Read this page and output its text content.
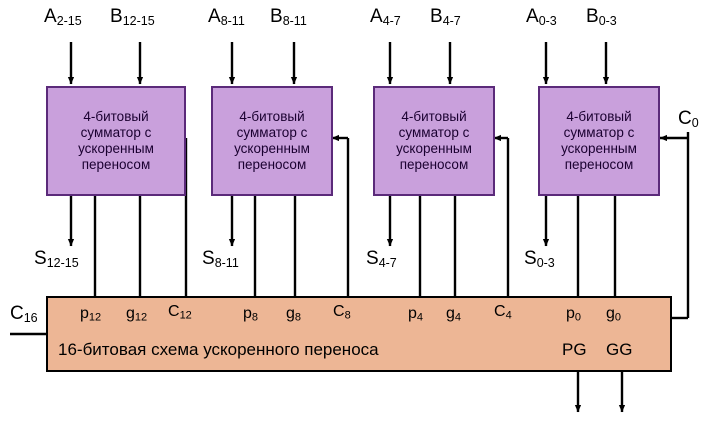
$A_{2-15}$ $B_{12-15}$	$A_{8-11}$ $B_{8-11}$	$A_{4-7}$ $B_{4-7}$	$A_{0-3}$ $B_{0-3}$
4-битовый
сумматор с
ускоренным
переносом
4-битовый
сумматор с
ускоренным
переносом
4-битовый
сумматор с
ускоренным
переносом
4-битовый
сумматор с
ускоренным
переносом
$C_0$
$S_{12-15}$	$S_{8-11}$	$S_{4-7}$	$S_{0-3}$
$p_{12}$ $g_{12}$ $C_{12}$	$p_8$ $g_8$ $C_8$	$p_4$ $g_4$ $C_4$	$p_0$ $g_0$
16-битовая схема ускоренного переноса	PG GG
$C_{16}$
